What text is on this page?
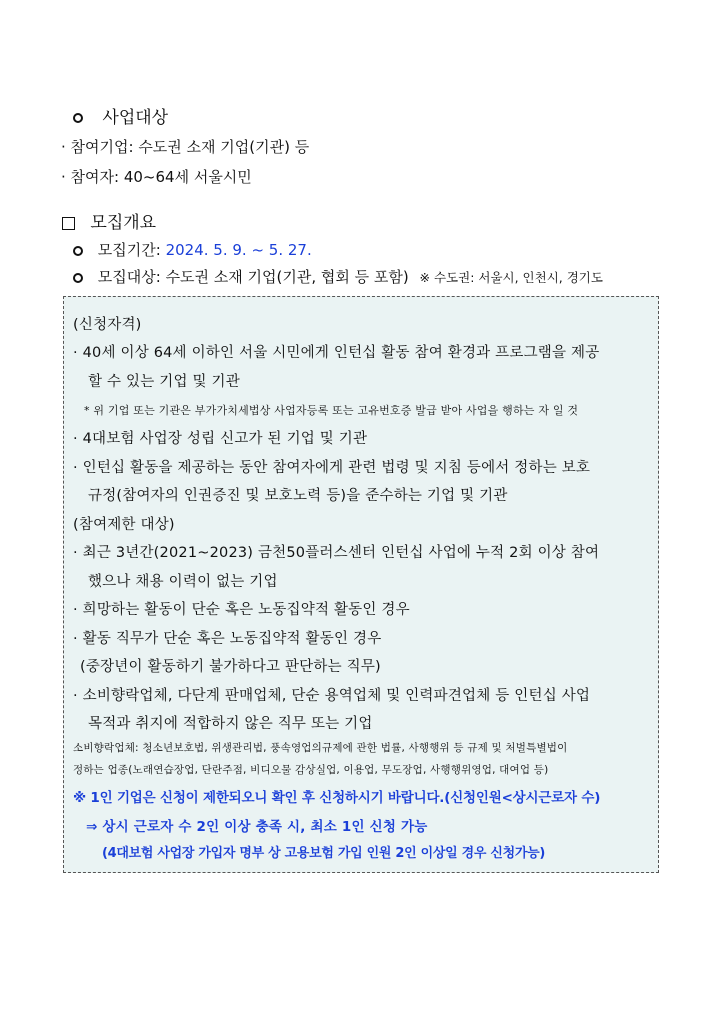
사업대상
· 참여기업: 수도권 소재 기업(기관) 등
· 참여자: 40~64세 서울시민
모집개요
모집기간: 2024. 5. 9. ~ 5. 27.
모집대상: 수도권 소재 기업(기관, 협회 등 포함) ※ 수도권: 서울시, 인천시, 경기도
(신청자격)
· 40세 이상 64세 이하인 서울 시민에게 인턴십 활동 참여 환경과 프로그램을 제공
할 수 있는 기업 및 기관
* 위 기업 또는 기관은 부가가치세법상 사업자등록 또는 고유번호증 발급 받아 사업을 행하는 자 일 것
· 4대보험 사업장 성립 신고가 된 기업 및 기관
· 인턴십 활동을 제공하는 동안 참여자에게 관련 법령 및 지침 등에서 정하는 보호
규정(참여자의 인권증진 및 보호노력 등)을 준수하는 기업 및 기관
(참여제한 대상)
· 최근 3년간(2021~2023) 금천50플러스센터 인턴십 사업에 누적 2회 이상 참여
했으나 채용 이력이 없는 기업
· 희망하는 활동이 단순 혹은 노동집약적 활동인 경우
· 활동 직무가 단순 혹은 노동집약적 활동인 경우
(중장년이 활동하기 불가하다고 판단하는 직무)
· 소비향락업체, 다단계 판매업체, 단순 용역업체 및 인력파견업체 등 인턴십 사업
목적과 취지에 적합하지 않은 직무 또는 기업
소비향락업체: 청소년보호법, 위생관리법, 풍속영업의규제에 관한 법률, 사행행위 등 규제 및 처벌특별법이
정하는 업종(노래연습장업, 단란주점, 비디오물 감상실업, 이용업, 무도장업, 사행행위영업, 대여업 등)
※ 1인 기업은 신청이 제한되오니 확인 후 신청하시기 바랍니다.(신청인원<상시근로자 수)
⇒ 상시 근로자 수 2인 이상 충족 시, 최소 1인 신청 가능
(4대보험 사업장 가입자 명부 상 고용보험 가입 인원 2인 이상일 경우 신청가능)
